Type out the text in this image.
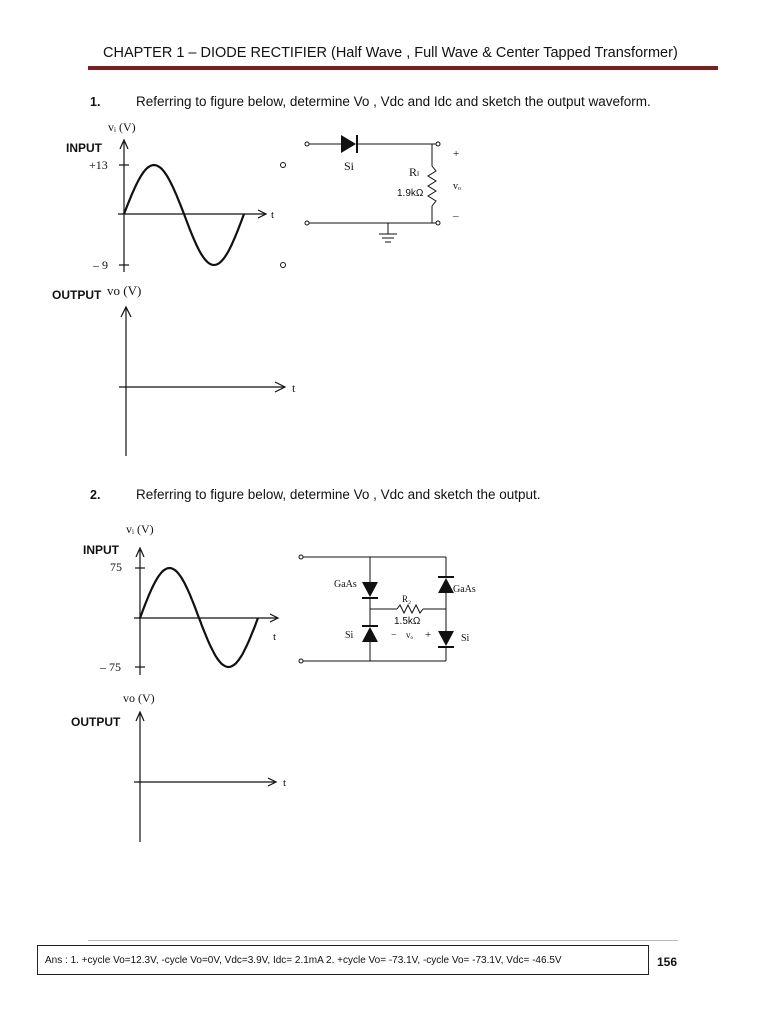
CHAPTER 1 – DIODE RECTIFIER (Half Wave , Full Wave & Center Tapped Transformer)
1.	Referring to figure below, determine Vo , Vdc and Idc and sketch the output waveform.
INPUT
OUTPUT
vᵢ (V)
+13
– 9
t
Si	Rₗ
1.9kΩ
+
vₒ
–
vo (V)
t
vᵢ (V)
75
– 75
t
GaAs	GaAs
Si	Si
R₂
1.5kΩ
− vₒ +
vo (V)
t
2.	Referring to figure below, determine Vo , Vdc and sketch the output.
INPUT
OUTPUT
Ans : 1. +cycle Vo=12.3V, -cycle Vo=0V, Vdc=3.9V, Idc= 2.1mA 2. +cycle Vo= -73.1V, -cycle Vo= -73.1V, Vdc= -46.5V	156
